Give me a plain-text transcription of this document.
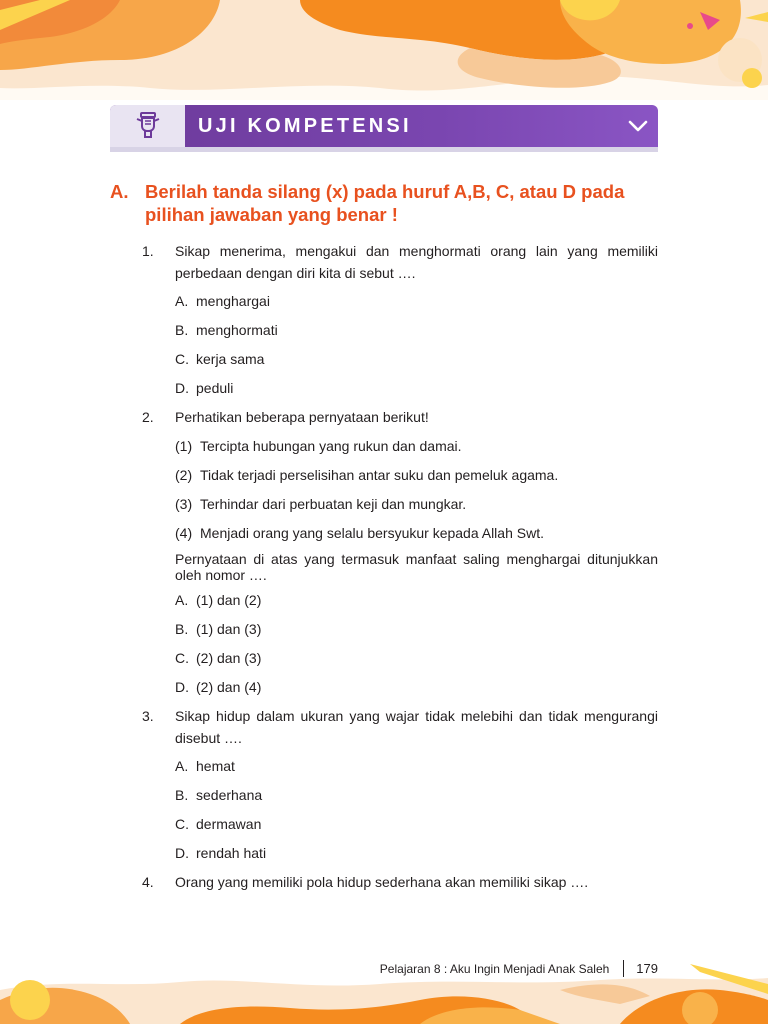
UJI KOMPETENSI
A. Berilah tanda silang (x) pada huruf A,B, C, atau D pada pilihan jawaban yang benar !
1. Sikap menerima, mengakui dan menghormati orang lain yang memiliki perbedaan dengan diri kita di sebut ….
A. menghargai
B. menghormati
C. kerja sama
D. peduli
2. Perhatikan beberapa pernyataan berikut!
(1) Tercipta hubungan yang rukun dan damai.
(2) Tidak terjadi perselisihan antar suku dan pemeluk agama.
(3) Terhindar dari perbuatan keji dan mungkar.
(4) Menjadi orang yang selalu bersyukur kepada Allah Swt.
Pernyataan di atas yang termasuk manfaat saling menghargai ditunjukkan oleh nomor ….
A. (1) dan (2)
B. (1) dan (3)
C. (2) dan (3)
D. (2) dan (4)
3. Sikap hidup dalam ukuran yang wajar tidak melebihi dan tidak mengurangi disebut ….
A. hemat
B. sederhana
C. dermawan
D. rendah hati
4. Orang yang memiliki pola hidup sederhana akan memiliki sikap ….
Pelajaran 8 : Aku Ingin Menjadi Anak Saleh 179
